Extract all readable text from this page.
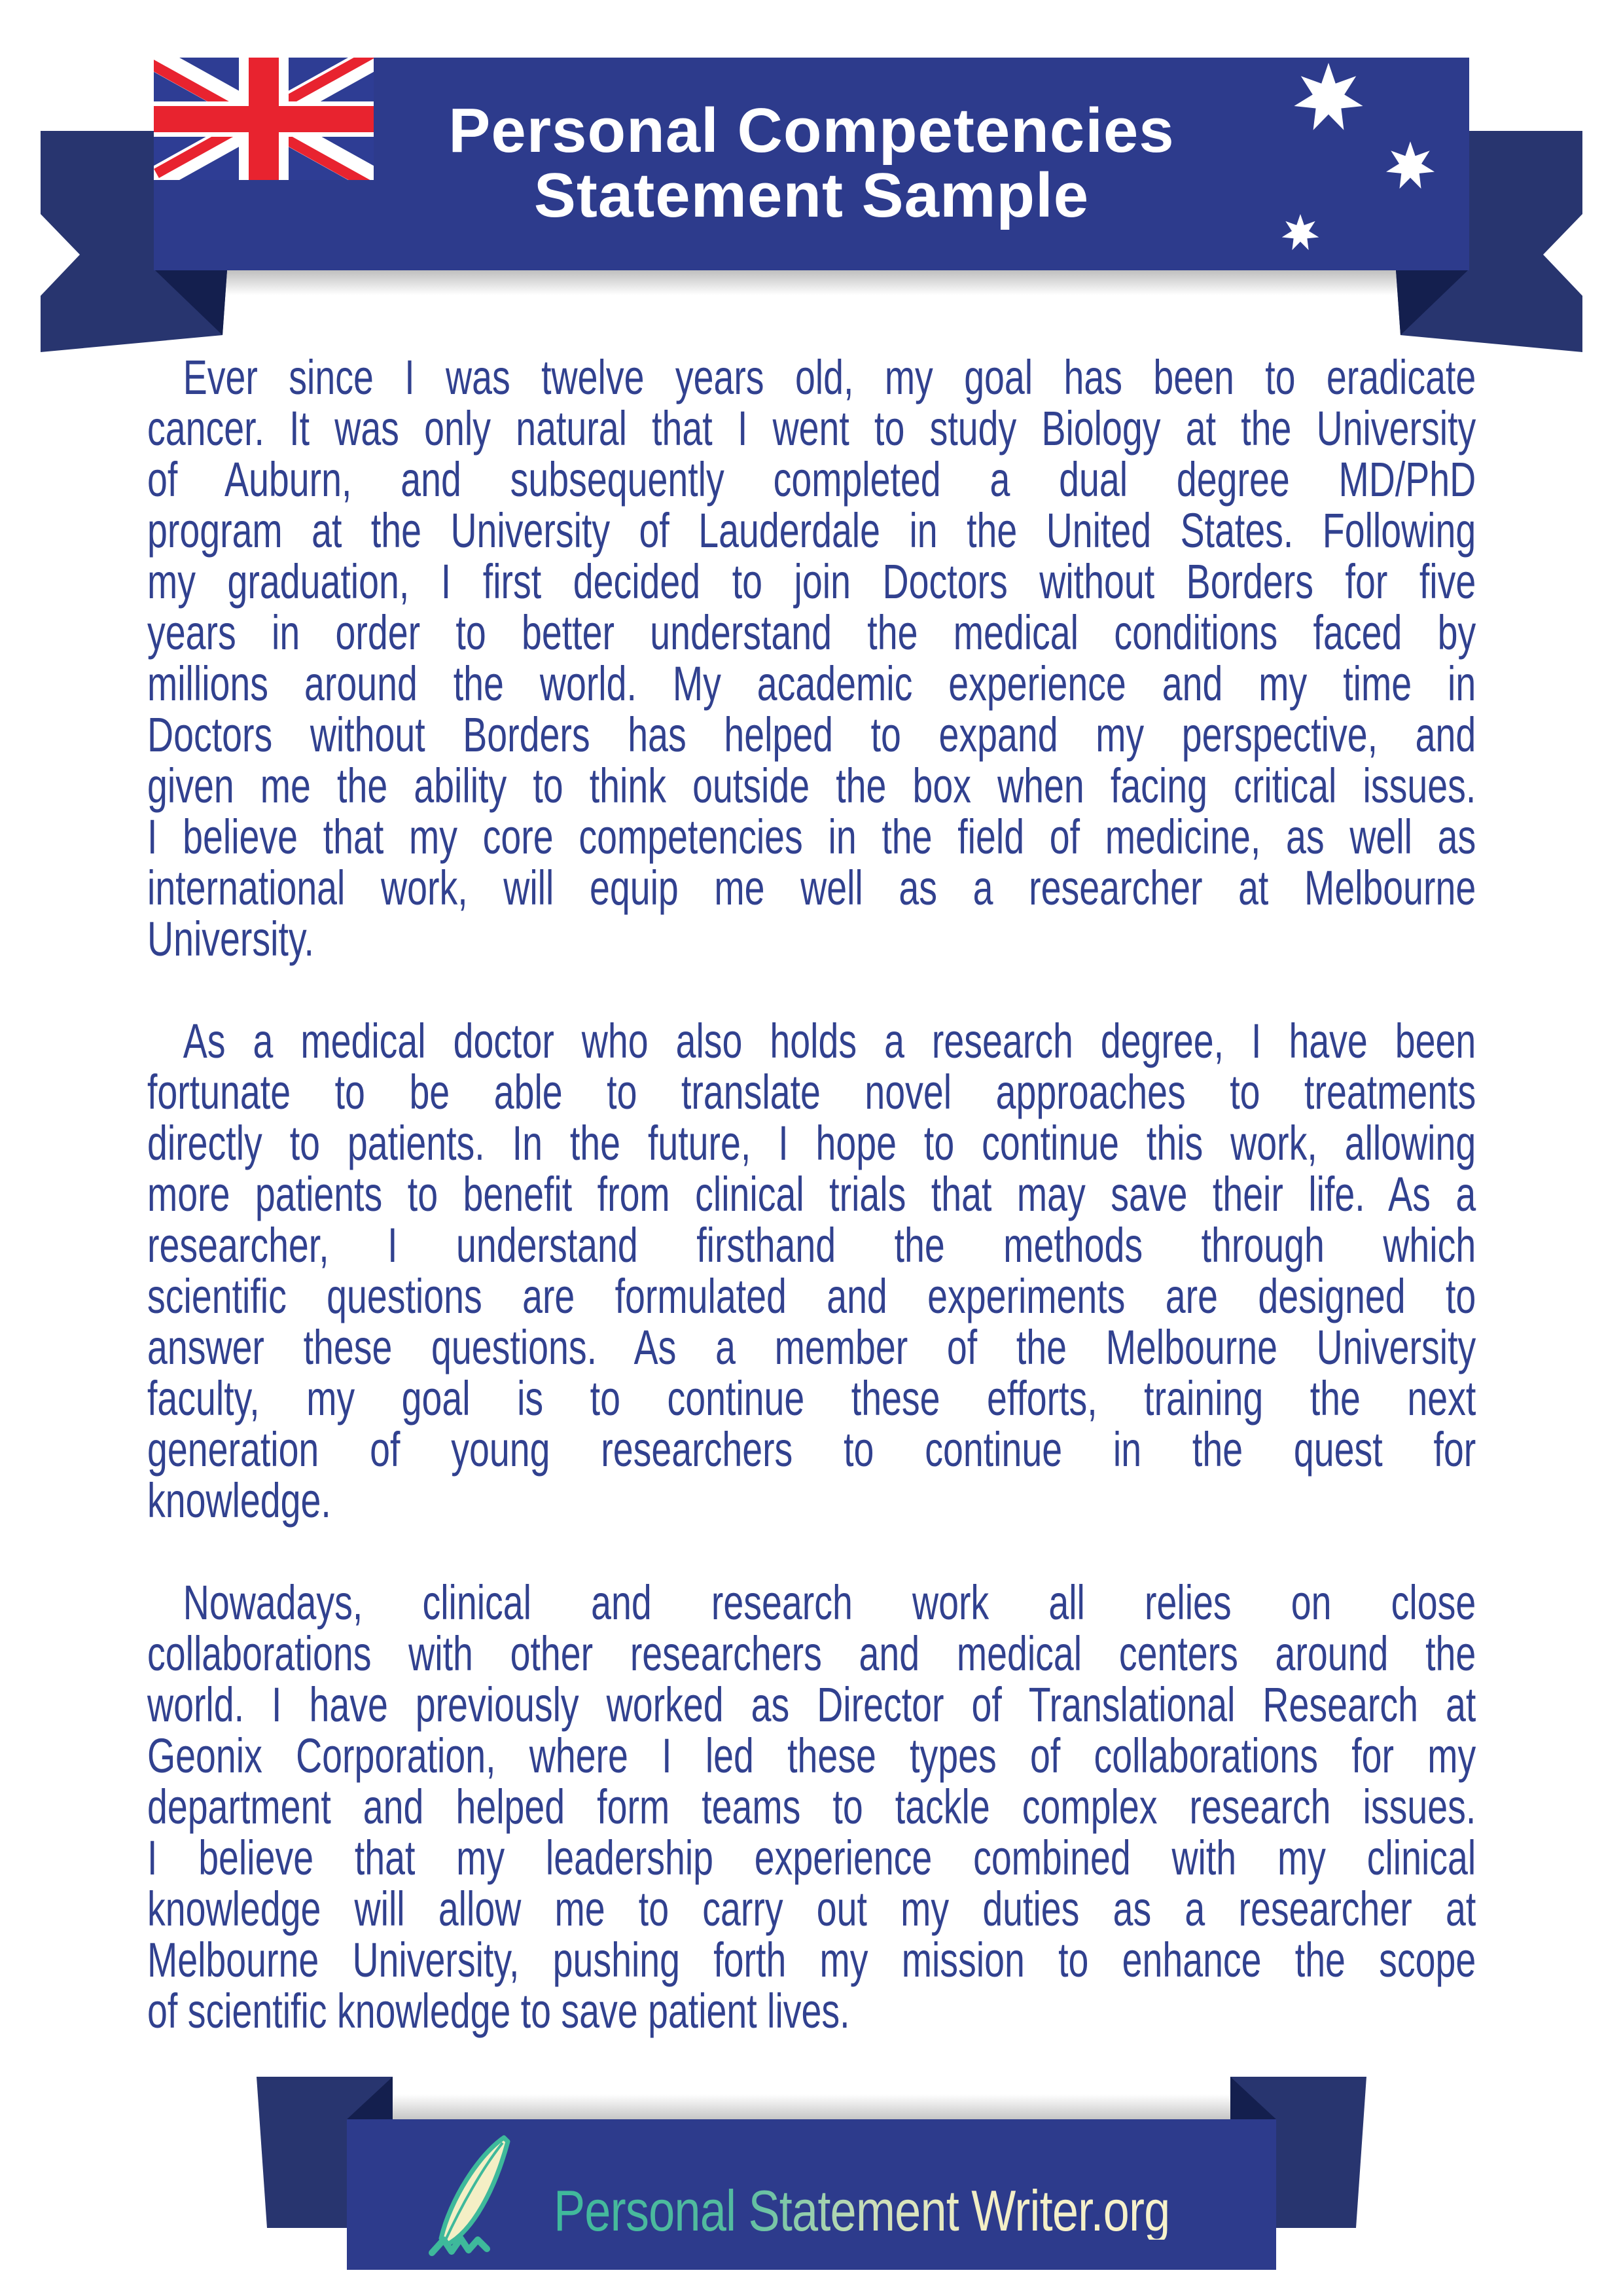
Personal Competencies
Statement Sample
Ever since I was twelve years old, my goal has been to eradicate
cancer. It was only natural that I went to study Biology at the University
of Auburn, and subsequently completed a dual degree MD/PhD
program at the University of Lauderdale in the United States. Following
my graduation, I first decided to join Doctors without Borders for five
years in order to better understand the medical conditions faced by
millions around the world. My academic experience and my time in
Doctors without Borders has helped to expand my perspective, and
given me the ability to think outside the box when facing critical issues.
I believe that my core competencies in the field of medicine, as well as
international work, will equip me well as a researcher at Melbourne
University.
As a medical doctor who also holds a research degree, I have been
fortunate to be able to translate novel approaches to treatments
directly to patients. In the future, I hope to continue this work, allowing
more patients to benefit from clinical trials that may save their life. As a
researcher, I understand firsthand the methods through which
scientific questions are formulated and experiments are designed to
answer these questions. As a member of the Melbourne University
faculty, my goal is to continue these efforts, training the next
generation of young researchers to continue in the quest for
knowledge.
Nowadays, clinical and research work all relies on close
collaborations with other researchers and medical centers around the
world. I have previously worked as Director of Translational Research at
Geonix Corporation, where I led these types of collaborations for my
department and helped form teams to tackle complex research issues.
I believe that my leadership experience combined with my clinical
knowledge will allow me to carry out my duties as a researcher at
Melbourne University, pushing forth my mission to enhance the scope
of scientific knowledge to save patient lives.
Personal Statement Writer.org
